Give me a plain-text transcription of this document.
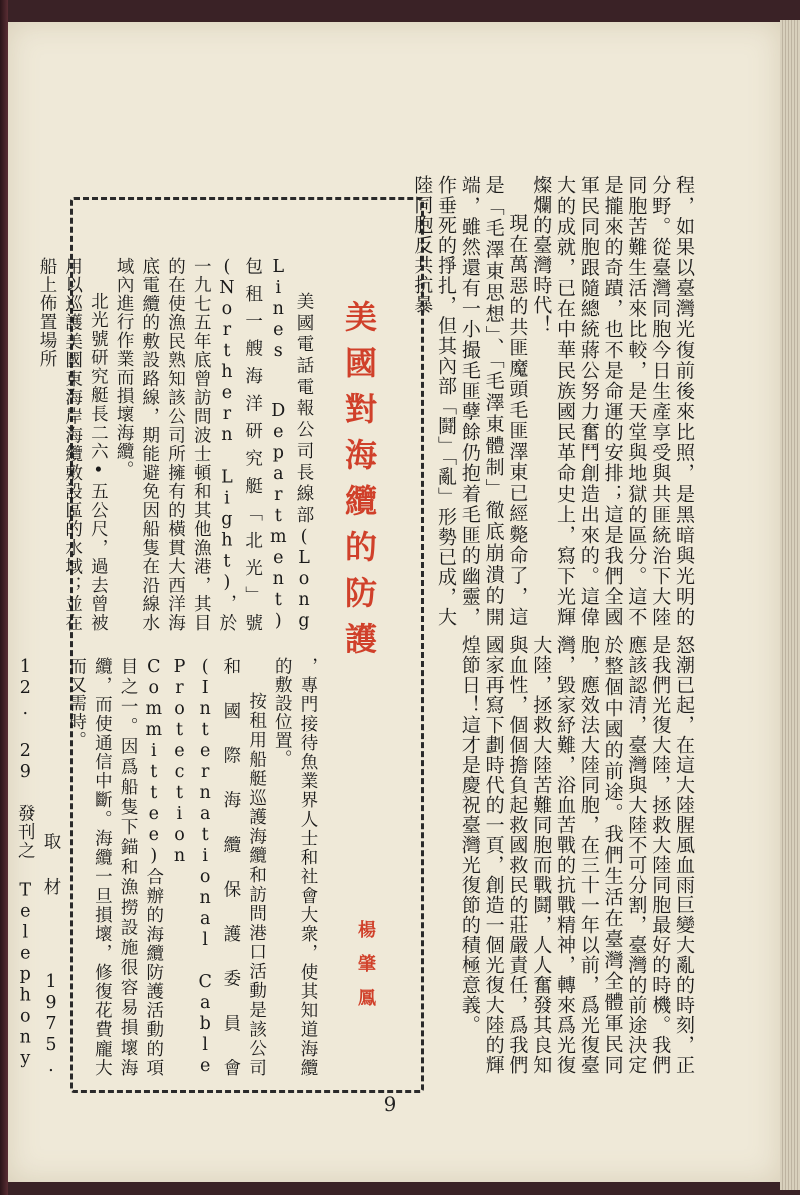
程，如果以臺灣光復前後來比照，是黑暗與光明的分野。從臺灣同胞今日生產享受與共匪統治下大陸同胞苦難生活來比較，是天堂與地獄的區分。這不是攏來的奇蹟，也不是命運的安排；這是我們全國軍民同胞跟隨總統蔣公努力奮鬥創造出來的。這偉大的成就，已在中華民族國民革命史上，寫下光輝燦爛的臺灣時代！

現在萬惡的共匪魔頭毛匪澤東已經斃命了，這是「毛澤東思想」、「毛澤東體制」徹底崩潰的開端，雖然還有一小撮毛匪孽餘仍抱着毛匪的幽靈，作垂死的掙扎，但其內部「鬪」「亂」形勢已成，大陸同胞反共抗暴

怒潮已起，在這大陸腥風血雨巨變大亂的時刻，正是我們光復大陸，拯救大陸同胞最好的時機。我們應該認清，臺灣與大陸不可分割，臺灣的前途決定於整個中國的前途。我們生活在臺灣全體軍民同胞，應效法大陸同胞，在三十一年以前，爲光復臺灣，毀家紓難，浴血苦戰的抗戰精神，轉來爲光復大陸，拯救大陸苦難同胞而戰鬪，人人奮發其良知與血性，個個擔負起救國救民的莊嚴責任，爲我們國家再寫下劃時代的一頁，創造一個光復大陸的輝煌節日！這才是慶祝臺灣光復節的積極意義。

美國對海纜的防護

美國電話電報公司長線部(Long Lines Department)包租一艘海洋研究艇「北光」號(Northern Light)，於一九七五年底曾訪問波士頓和其他漁港，其目的在使漁民熟知該公司所擁有的橫貫大西洋海底電纜的敷設路線，期能避免因船隻在沿線水域內進行作業而損壞海纜。

北光號研究艇長二六•五公尺，過去曾被用以巡護美國東海岸海纜敷設區的水域；並在船上佈置場所

，專門接待魚業界人士和社會大衆，使其知道海纜的敷設位置。

按租用船艇巡護海纜和訪問港口活動是該公司和國際海纜保護委員會 (International Cable Protection Committee)合辦的海纜防護活動的項目之一。因爲船隻下錨和漁撈設施很容易損壞海纜，而使通信中斷。海纜一旦損壞，修復花費龐大而又需時。

取材 1975. 12. 29 發刊之 Telephony	楊肇鳳
9
